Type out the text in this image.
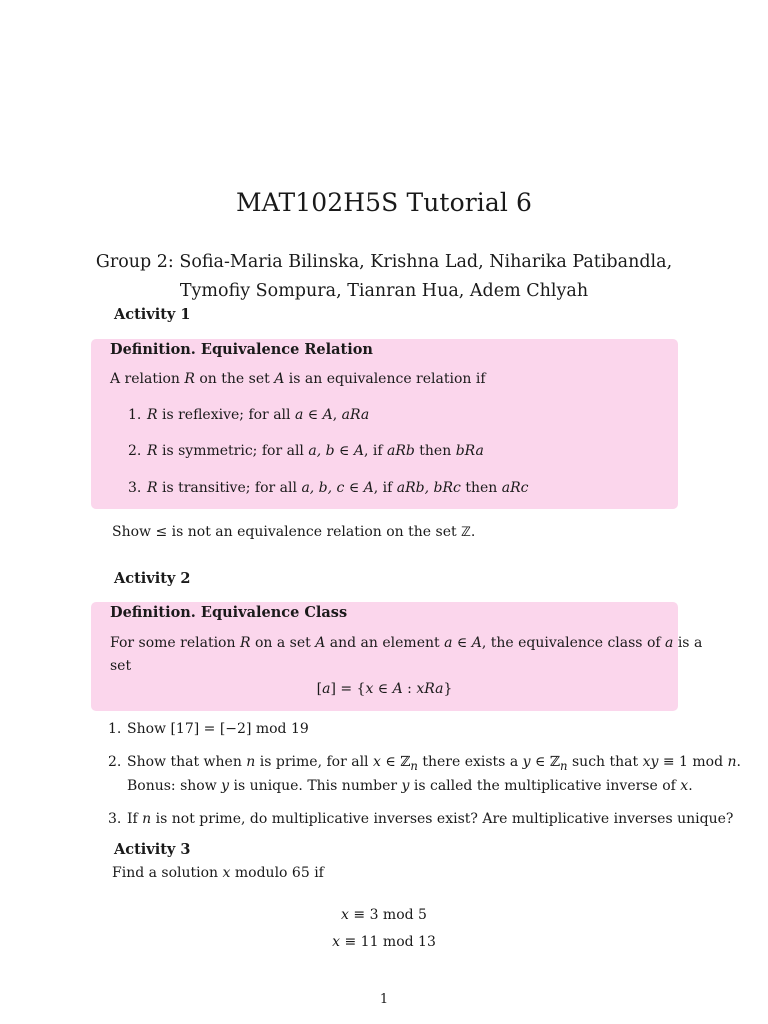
MAT102H5S Tutorial 6
Group 2: Sofia-Maria Bilinska, Krishna Lad, Niharika Patibandla,
Tymofiy Sompura, Tianran Hua, Adem Chlyah
Activity 1
Definition. Equivalence Relation
A relation R on the set A is an equivalence relation if
1. R is reflexive; for all a ∈ A, aRa
2. R is symmetric; for all a, b ∈ A, if aRb then bRa
3. R is transitive; for all a, b, c ∈ A, if aRb, bRc then aRc
Show ≤ is not an equivalence relation on the set ℤ.
Activity 2
Definition. Equivalence Class
For some relation R on a set A and an element a ∈ A, the equivalence class of a is a
set
[a] = {x ∈ A : xRa}
1. Show [17] = [−2] mod 19
2. Show that when n is prime, for all x ∈ ℤ$_n$ there exists a y ∈ ℤ$_n$ such that xy ≡ 1 mod n.
Bonus: show y is unique. This number y is called the multiplicative inverse of x.
3. If n is not prime, do multiplicative inverses exist? Are multiplicative inverses unique?
Activity 3
Find a solution x modulo 65 if
x ≡ 3 mod 5
x ≡ 11 mod 13
1
